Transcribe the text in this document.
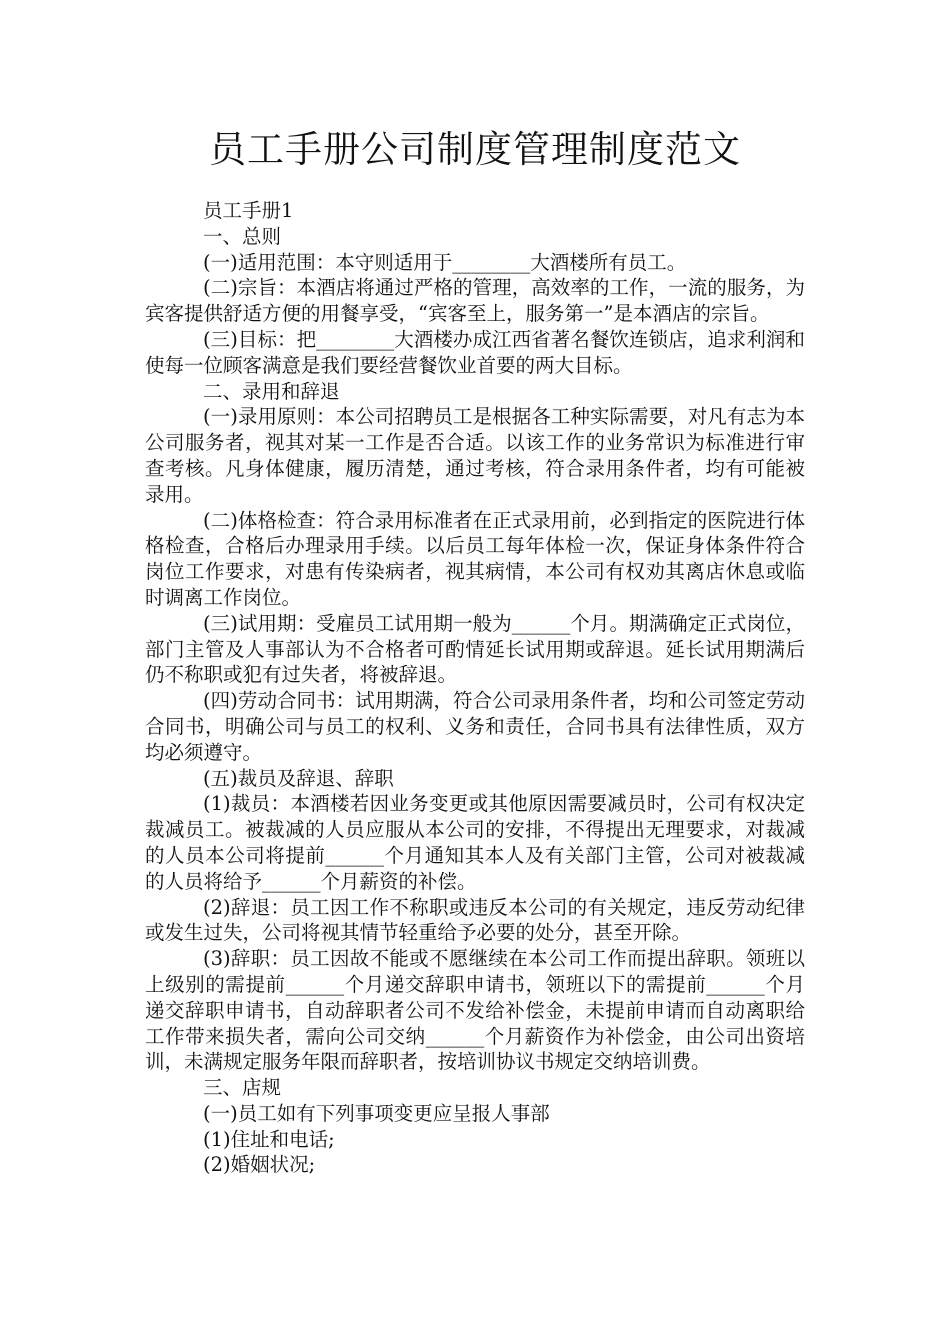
员工手册公司制度管理制度范文

员工手册1

一、总则

(一)适用范围：本守则适用于________大酒楼所有员工。

(二)宗旨：本酒店将通过严格的管理，高效率的工作，一流的服务，为宾客提供舒适方便的用餐享受，“宾客至上，服务第一”是本酒店的宗旨。

(三)目标：把________大酒楼办成江西省著名餐饮连锁店，追求利润和使每一位顾客满意是我们要经营餐饮业首要的两大目标。

二、录用和辞退

(一)录用原则：本公司招聘员工是根据各工种实际需要，对凡有志为本公司服务者，视其对某一工作是否合适。以该工作的业务常识为标准进行审查考核。凡身体健康，履历清楚，通过考核，符合录用条件者，均有可能被录用。

(二)体格检查：符合录用标准者在正式录用前，必到指定的医院进行体格检查，合格后办理录用手续。以后员工每年体检一次，保证身体条件符合岗位工作要求，对患有传染病者，视其病情，本公司有权劝其离店休息或临时调离工作岗位。

(三)试用期：受雇员工试用期一般为______个月。期满确定正式岗位，部门主管及人事部认为不合格者可酌情延长试用期或辞退。延长试用期满后仍不称职或犯有过失者，将被辞退。

(四)劳动合同书：试用期满，符合公司录用条件者，均和公司签定劳动合同书，明确公司与员工的权利、义务和责任，合同书具有法律性质，双方均必须遵守。

(五)裁员及辞退、辞职

(1)裁员：本酒楼若因业务变更或其他原因需要减员时，公司有权决定裁减员工。被裁减的人员应服从本公司的安排，不得提出无理要求，对裁减的人员本公司将提前______个月通知其本人及有关部门主管，公司对被裁减的人员将给予______个月薪资的补偿。

(2)辞退：员工因工作不称职或违反本公司的有关规定，违反劳动纪律或发生过失，公司将视其情节轻重给予必要的处分，甚至开除。

(3)辞职：员工因故不能或不愿继续在本公司工作而提出辞职。领班以上级别的需提前______个月递交辞职申请书，领班以下的需提前______个月递交辞职申请书，自动辞职者公司不发给补偿金，未提前申请而自动离职给工作带来损失者，需向公司交纳______个月薪资作为补偿金，由公司出资培训，未满规定服务年限而辞职者，按培训协议书规定交纳培训费。

三、店规

(一)员工如有下列事项变更应呈报人事部

(1)住址和电话;

(2)婚姻状况;
